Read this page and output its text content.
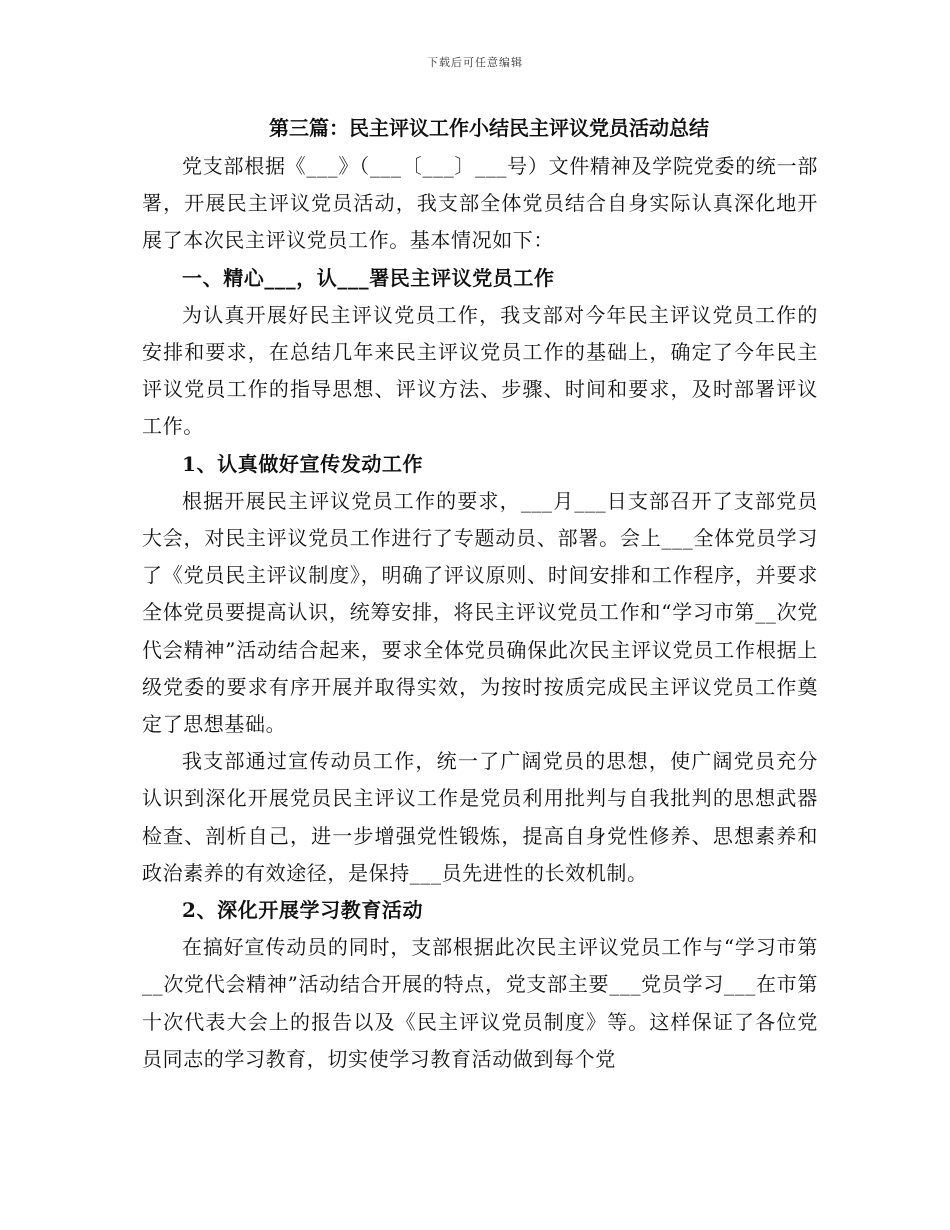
下载后可任意编辑
第三篇：民主评议工作小结民主评议党员活动总结

党支部根据《___》（___〔___〕___号）文件精神及学院党委的统一部署，开展民主评议党员活动，我支部全体党员结合自身实际认真深化地开展了本次民主评议党员工作。基本情况如下：

一、精心___，认___署民主评议党员工作

为认真开展好民主评议党员工作，我支部对今年民主评议党员工作的安排和要求，在总结几年来民主评议党员工作的基础上，确定了今年民主评议党员工作的指导思想、评议方法、步骤、时间和要求，及时部署评议工作。

1、认真做好宣传发动工作

根据开展民主评议党员工作的要求，___月___日支部召开了支部党员大会，对民主评议党员工作进行了专题动员、部署。会上___全体党员学习了《党员民主评议制度》，明确了评议原则、时间安排和工作程序，并要求全体党员要提高认识，统筹安排，将民主评议党员工作和“学习市第__次党代会精神”活动结合起来，要求全体党员确保此次民主评议党员工作根据上级党委的要求有序开展并取得实效，为按时按质完成民主评议党员工作奠定了思想基础。

我支部通过宣传动员工作，统一了广阔党员的思想，使广阔党员充分认识到深化开展党员民主评议工作是党员利用批判与自我批判的思想武器检查、剖析自己，进一步增强党性锻炼，提高自身党性修养、思想素养和政治素养的有效途径，是保持___员先进性的长效机制。

2、深化开展学习教育活动

在搞好宣传动员的同时，支部根据此次民主评议党员工作与“学习市第__次党代会精神”活动结合开展的特点，党支部主要___党员学习___在市第十次代表大会上的报告以及《民主评议党员制度》等。这样保证了各位党员同志的学习教育，切实使学习教育活动做到每个党
